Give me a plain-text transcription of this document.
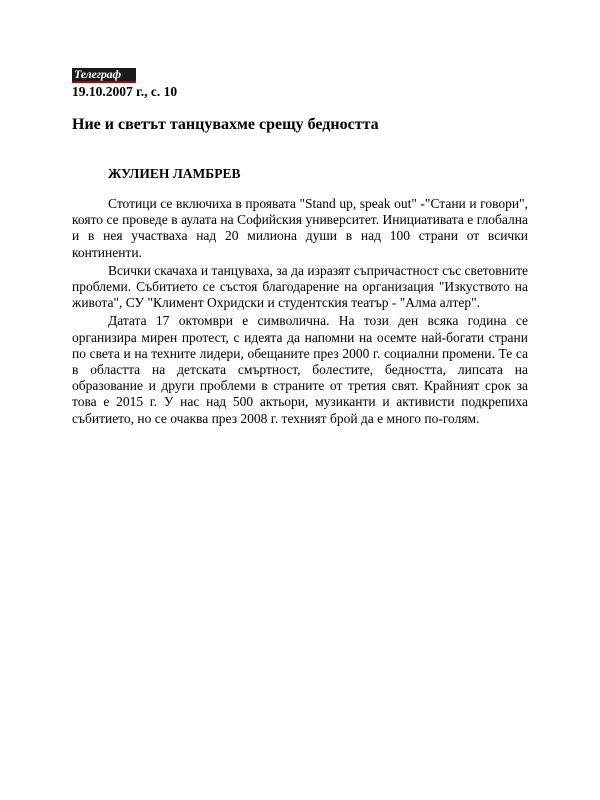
Телеграф
19.10.2007 г., с. 10
Ние и светът танцувахме срещу бедността
ЖУЛИЕН ЛАМБРЕВ

Стотици се включиха в проявата "Stand up, speak out" -"Стани и говори", която се проведе в аулата на Софийския университет. Инициативата е глобална и в нея участваха над 20 милиона души в над 100 страни от всички континенти.

Всички скачаха и танцуваха, за да изразят съпричастност със световните проблеми. Събитието се състоя благодарение на организация "Изкуството на живота", СУ "Климент Охридски и студентския театър - "Алма алтер".

Датата 17 октомври е символична. На този ден всяка година се организира мирен протест, с идеята да напомни на осемте най-богати страни по света и на техните лидери, обещаните през 2000 г. социални промени. Те са в областта на детската смъртност, болестите, бедността, липсата на образование и други проблеми в страните от третия свят. Крайният срок за това е 2015 г. У нас над 500 актьори, музиканти и активисти подкрепиха събитието, но се очаква през 2008 г. техният брой да е много по-голям.
